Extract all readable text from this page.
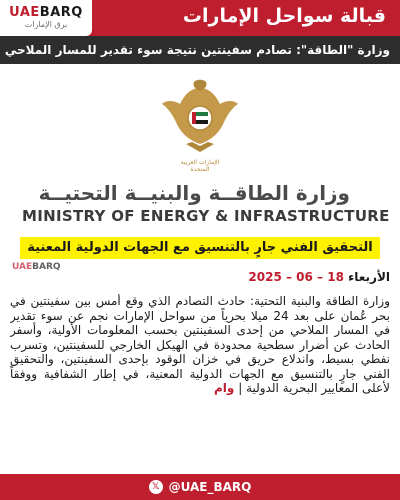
UAEBARQ
برق الإمارات	قبالة سواحل الإمارات
وزارة "الطاقة": تصادم سفينتين نتيجة سوء تقدير للمسار الملاحي
الإمارات العربية المتحدة
وزارة الطاقــة والبنيــة التحتيــة
MINISTRY OF ENERGY & INFRASTRUCTURE
التحقيق الفني جارٍ بالتنسيق مع الجهات الدولية المعنية
UAEBARQ
الأربعاء 18 – 06 – 2025
وزارة الطاقة والبنية التحتية: حادث التصادم الذي وقع أمس بين سفينتين في بحر عُمان على بعد 24 ميلا بحرياً من سواحل الإمارات نجم عن سوء تقدير في المسار الملاحي من إحدى السفينتين بحسب المعلومات الأولية، وأسفر الحادث عن أضرار سطحية محدودة في الهيكل الخارجي للسفينتين، وتسرب نفطي بسيط، واندلاع حريق في خزان الوقود بإحدى السفينتين، والتحقيق الفني جارٍ بالتنسيق مع الجهات الدولية المعنية، في إطار الشفافية ووفقاً لأعلى المعايير البحرية الدولية | وام
𝕏 @UAE_BARQ
